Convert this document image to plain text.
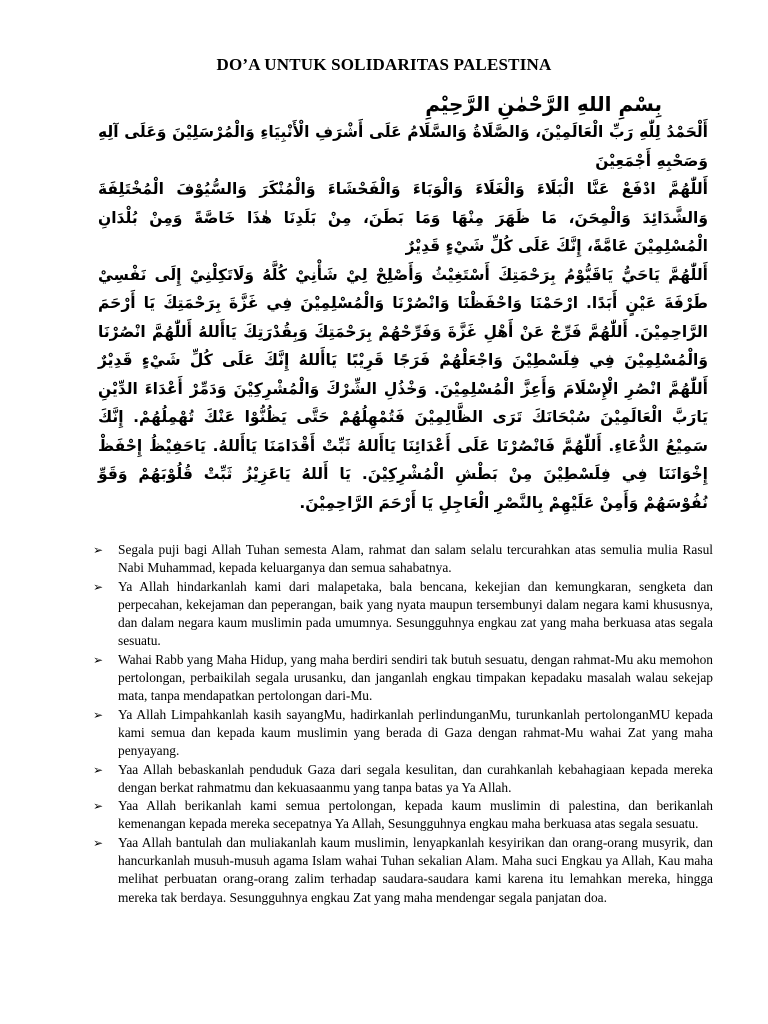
DO’A UNTUK SOLIDARITAS PALESTINA
بِسْمِ اللهِ الرَّحْمٰنِ الرَّحِيْمِ

أَلْحَمْدُ لِلّٰهِ رَبِّ الْعَالَمِيْنَ، وَالصَّلَاةُ وَالسَّلَامُ عَلَى أَشْرَفِ الْأَنْبِيَاءِ وَالْمُرْسَلِيْنَ وَعَلَى آلِهِ وَصَحْبِهِ أَجْمَعِيْنَ

أَللّٰهُمَّ ادْفَعْ عَنَّا الْبَلَاءَ وَالْغَلَاءَ وَالْوَبَاءَ وَالْفَحْشَاءَ وَالْمُنْكَرَ وَالسُّيُوْفَ الْمُخْتَلِفَةَ وَالشَّدَائِدَ وَالْمِحَنَ، مَا ظَهَرَ مِنْهَا وَمَا بَطَنَ، مِنْ بَلَدِنَا هٰذَا خَاصَّةً وَمِنْ بُلْدَانِ الْمُسْلِمِيْنَ عَامَّةً، إِنَّكَ عَلَى كُلِّ شَيْءٍ قَدِيْرٌ

أَللّٰهُمَّ يَاحَيُّ يَاقَيُّوْمُ بِرَحْمَتِكَ أَسْتَغِيْثُ وَأَصْلِحْ لِيْ شَأْنِيْ كُلَّهُ وَلَاتَكِلْنِيْ إِلَى نَفْسِيْ طَرْفَةَ عَيْنٍ أَبَدًا. ارْحَمْنَا وَاحْفَظْنَا وَانْصُرْنَا وَالْمُسْلِمِيْنَ فِي غَزَّةَ بِرَحْمَتِكَ يَا أَرْحَمَ الرَّاحِمِيْنَ. أَللّٰهُمَّ فَرِّجْ عَنْ أَهْلِ غَزَّةَ وَفَرِّحْهُمْ بِرَحْمَتِكَ وَبِقُدْرَتِكَ يَاأَللهُ أَللّٰهُمَّ انْصُرْنَا وَالْمُسْلِمِيْنَ فِي فِلَسْطِيْنَ وَاجْعَلْهُمْ فَرَجًا قَرِيْبًا يَاأَللهُ إِنَّكَ عَلَى كُلِّ شَيْءٍ قَدِيْرٌ أَللّٰهُمَّ انْصُرِ الْإِسْلَامَ وَأَعِزَّ الْمُسْلِمِيْنَ. وَخْذُلِ الشِّرْكَ وَالْمُشْرِكِيْنَ وَدَمِّرْ أَعْدَاءَ الدِّيْنِ يَارَبَّ الْعَالَمِيْنَ سُبْحَانَكَ تَرَى الظَّالِمِيْنَ فَتُمْهِلُهُمْ حَتَّى يَظُنُّوْا عَنْكَ تُهْمِلُهُمْ. إِنَّكَ سَمِيْعُ الدُّعَاءِ. أَللّٰهُمَّ فَانْصُرْنَا عَلَى أَعْدَائِنَا يَاأَللهُ ثَبِّتْ أَقْدَامَنَا يَاأَللهُ. يَاحَفِيْظُ إِحْفَظْ إِخْوَانَنَا فِي فِلَسْطِيْنَ مِنْ بَطْشِ الْمُشْرِكِيْنَ. يَا أَللهُ يَاعَزِيْزُ ثَبِّتْ قُلُوْبَهُمْ وَقَوِّ نُفُوْسَهُمْ وَأَمِنْ عَلَيْهِمْ بِالنَّصْرِ الْعَاجِلِ يَا أَرْحَمَ الرَّاحِمِيْنَ.

➢ Segala puji bagi Allah Tuhan semesta Alam, rahmat dan salam selalu tercurahkan atas semulia mulia Rasul Nabi Muhammad, kepada keluarganya dan semua sahabatnya.
➢ Ya Allah hindarkanlah kami dari malapetaka, bala bencana, kekejian dan kemungkaran, sengketa dan perpecahan, kekejaman dan peperangan, baik yang nyata maupun tersembunyi dalam negara kami khususnya, dan dalam negara kaum muslimin pada umumnya. Sesungguhnya engkau zat yang maha berkuasa atas segala sesuatu.
➢ Wahai Rabb yang Maha Hidup, yang maha berdiri sendiri tak butuh sesuatu, dengan rahmat-Mu aku memohon pertolongan, perbaikilah segala urusanku, dan janganlah engkau timpakan kepadaku masalah walau sekejap mata, tanpa mendapatkan pertolongan dari-Mu.
➢ Ya Allah Limpahkanlah kasih sayangMu, hadirkanlah perlindunganMu, turunkanlah pertolonganMU kepada kami semua dan kepada kaum muslimin yang berada di Gaza dengan rahmat-Mu wahai Zat yang maha penyayang.
➢ Yaa Allah bebaskanlah penduduk Gaza dari segala kesulitan, dan curahkanlah kebahagiaan kepada mereka dengan berkat rahmatmu dan kekuasaanmu yang tanpa batas ya Ya Allah.
➢ Yaa Allah berikanlah kami semua pertolongan, kepada kaum muslimin di palestina, dan berikanlah kemenangan kepada mereka secepatnya Ya Allah, Sesungguhnya engkau maha berkuasa atas segala sesuatu.
➢ Yaa Allah bantulah dan muliakanlah kaum muslimin, lenyapkanlah kesyirikan dan orang-orang musyrik, dan hancurkanlah musuh-musuh agama Islam wahai Tuhan sekalian Alam. Maha suci Engkau ya Allah, Kau maha melihat perbuatan orang-orang zalim terhadap saudara-saudara kami karena itu lemahkan mereka, hingga mereka tak berdaya. Sesungguhnya engkau Zat yang maha mendengar segala panjatan doa.
